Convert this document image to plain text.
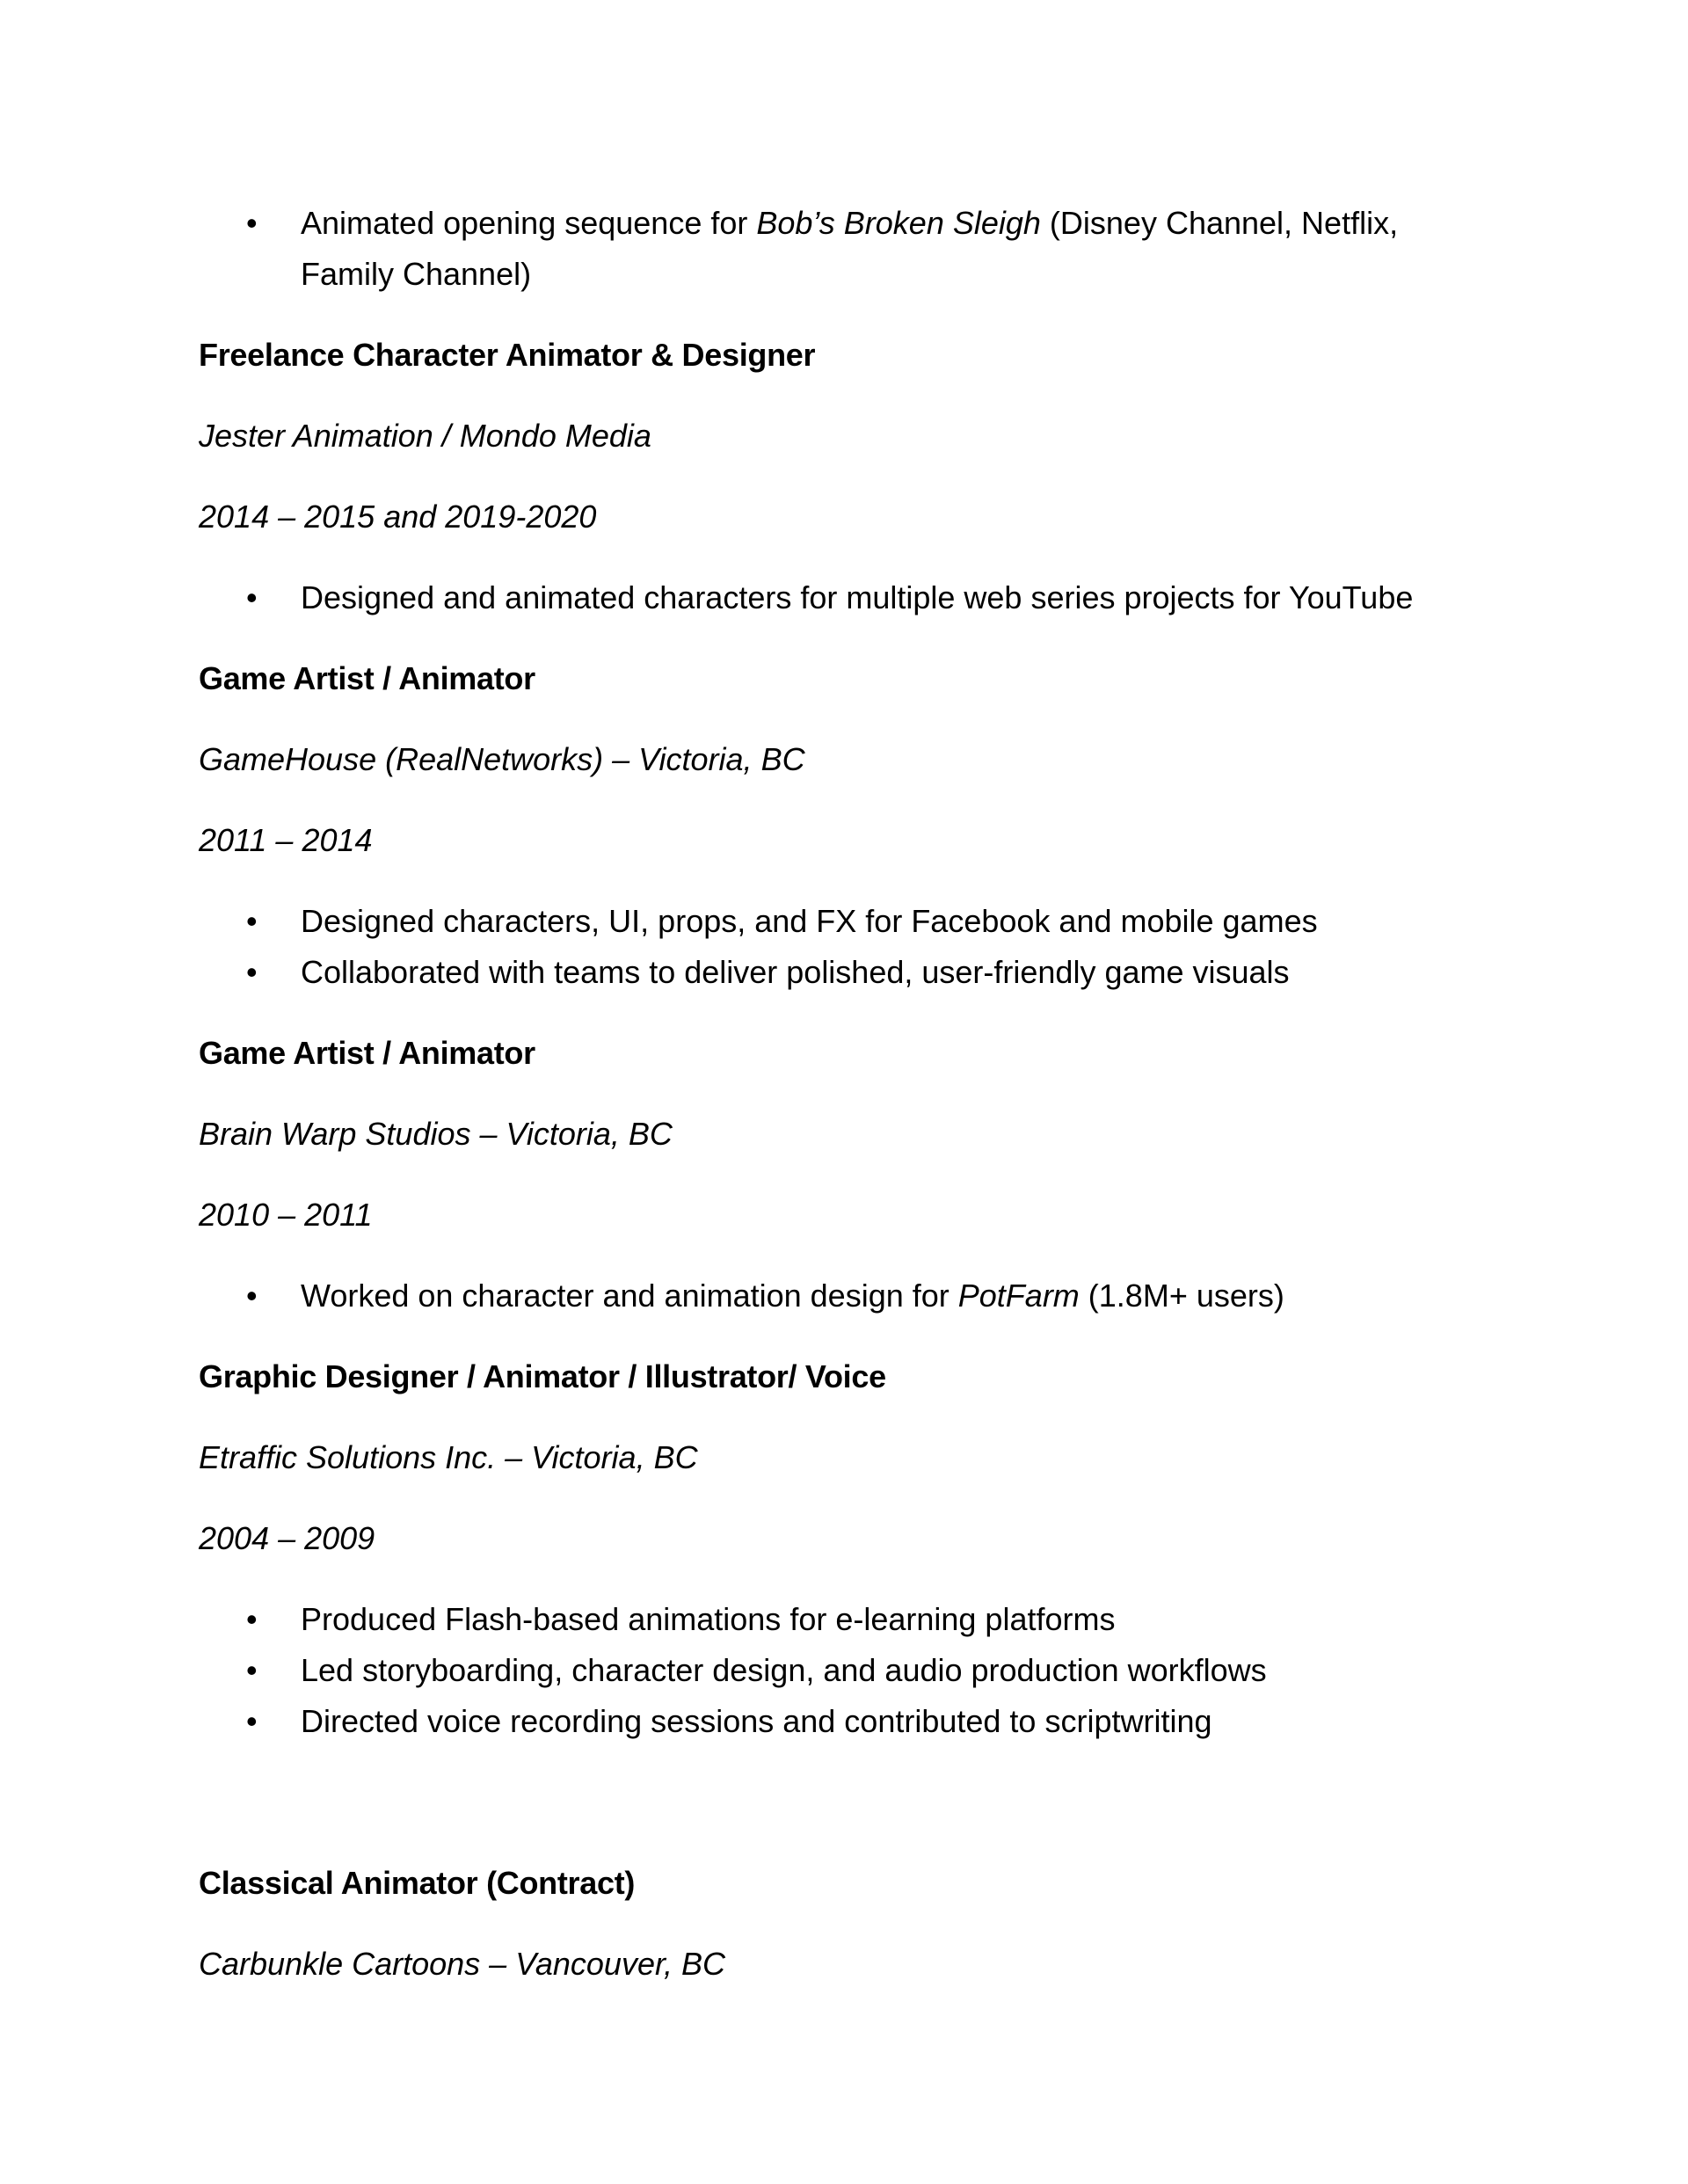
• Animated opening sequence for Bob’s Broken Sleigh (Disney Channel, Netflix,
Family Channel)
Freelance Character Animator & Designer

Jester Animation / Mondo Media

2014 – 2015 and 2019-2020

• Designed and animated characters for multiple web series projects for YouTube
Game Artist / Animator

GameHouse (RealNetworks) – Victoria, BC

2011 – 2014

• Designed characters, UI, props, and FX for Facebook and mobile games
• Collaborated with teams to deliver polished, user-friendly game visuals
Game Artist / Animator

Brain Warp Studios – Victoria, BC

2010 – 2011

• Worked on character and animation design for PotFarm (1.8M+ users)
Graphic Designer / Animator / Illustrator/ Voice

Etraffic Solutions Inc. – Victoria, BC

2004 – 2009

• Produced Flash-based animations for e-learning platforms
• Led storyboarding, character design, and audio production workflows
• Directed voice recording sessions and contributed to scriptwriting
Classical Animator (Contract)

Carbunkle Cartoons – Vancouver, BC
